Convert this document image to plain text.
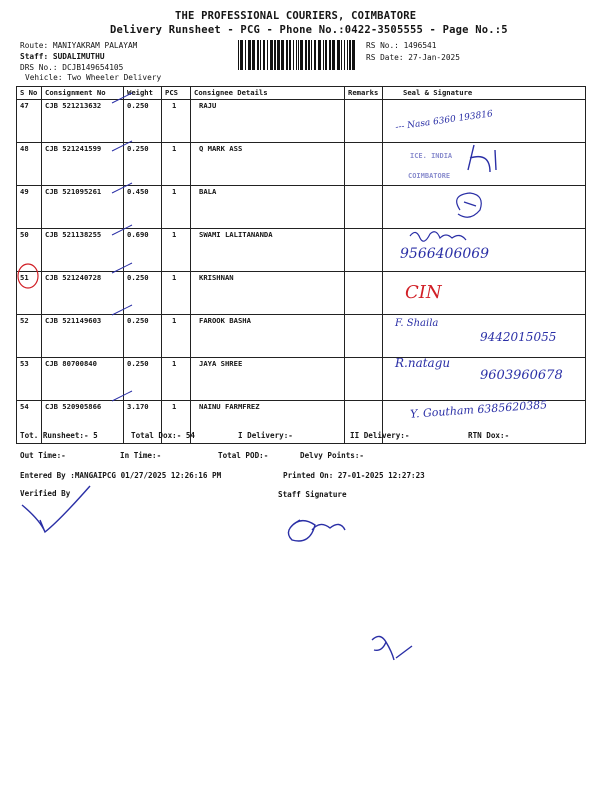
THE PROFESSIONAL COURIERS, COIMBATORE
Delivery Runsheet - PCG - Phone No.:0422-3505555 - Page No.:5
Route: MANIYAKRAM PALAYAM
Staff: SUDALIMUTHU
DRS No.: DCJB149654105
Vehicle: Two Wheeler Delivery
RS No.: 1496541
RS Date: 27-Jan-2025
S No	Consignment No	Weight	PCS	Consignee Details	Remarks	Seal & Signature
47	CJB 521213632	0.250	1	RAJU		
48	CJB 521241599	0.250	1	Q MARK ASS		
49	CJB 521095261	0.450	1	BALA		
50	CJB 521138255	0.690	1	SWAMI LALITANANDA		
51	CJB 521240728	0.250	1	KRISHNAN		
52	CJB 521149603	0.250	1	FAROOK BASHA		
53	CJB 80700840	0.250	1	JAYA SHREE		
54	CJB 520905866	3.170	1	NAINU FARMFREZ		
ICE. INDIA
COIMBATORE
--- Nasa 6360 193816
9566406069
CIN
F. Shaila
9442015055
R.natagu
9603960678
Y. Goutham 6385620385
Tot. Runsheet:- 5	Total Dox:- 54	I Delivery:-	II Delivery:-	RTN Dox:-
Out Time:-	In Time:-	Total POD:-	Delvy Points:-
Entered By :MANGAIPCG 01/27/2025 12:26:16 PM	Printed On: 27-01-2025 12:27:23
Verified By	Staff Signature
